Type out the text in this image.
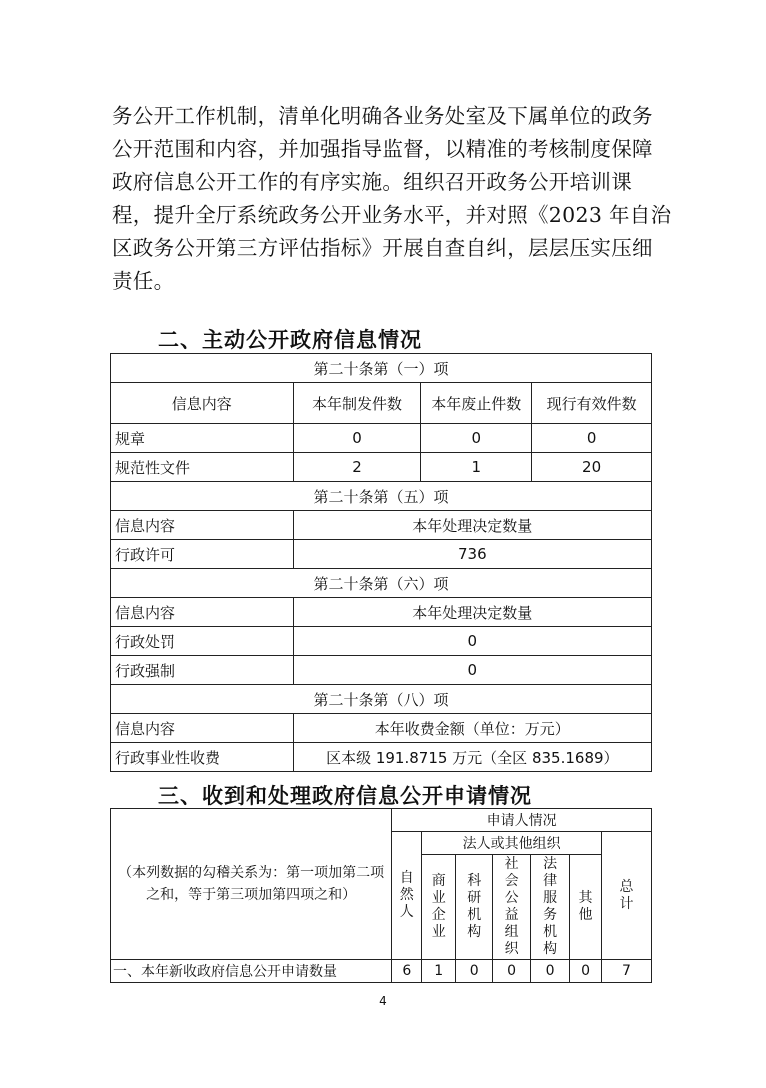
务公开工作机制，清单化明确各业务处室及下属单位的政务
公开范围和内容，并加强指导监督，以精准的考核制度保障
政府信息公开工作的有序实施。组织召开政务公开培训课
程，提升全厅系统政务公开业务水平，并对照《2023 年自治
区政务公开第三方评估指标》开展自查自纠，层层压实压细
责任。
二、主动公开政府信息情况
第二十条第（一）项			
信息内容	本年制发件数	本年废止件数	现行有效件数
规章	0	0	0
规范性文件	2	1	20
第二十条第（五）项			
信息内容	本年处理决定数量		
行政许可	736		
第二十条第（六）项			
信息内容	本年处理决定数量		
行政处罚	0		
行政强制	0		
第二十条第（八）项			
信息内容	本年收费金额（单位：万元）		
行政事业性收费	区本级 191.8715 万元（全区 835.1689）		
三、收到和处理政府信息公开申请情况
（本列数据的勾稽关系为：第一项加第二项之和，等于第三项加第四项之和）	申请人情况						

	自然人	法人或其他组织					总计

		商业企业	科研机构	社会公益组织	法律服务机构	其他	

一、本年新收政府信息公开申请数量	6	1	0	0	0	0	7
4
